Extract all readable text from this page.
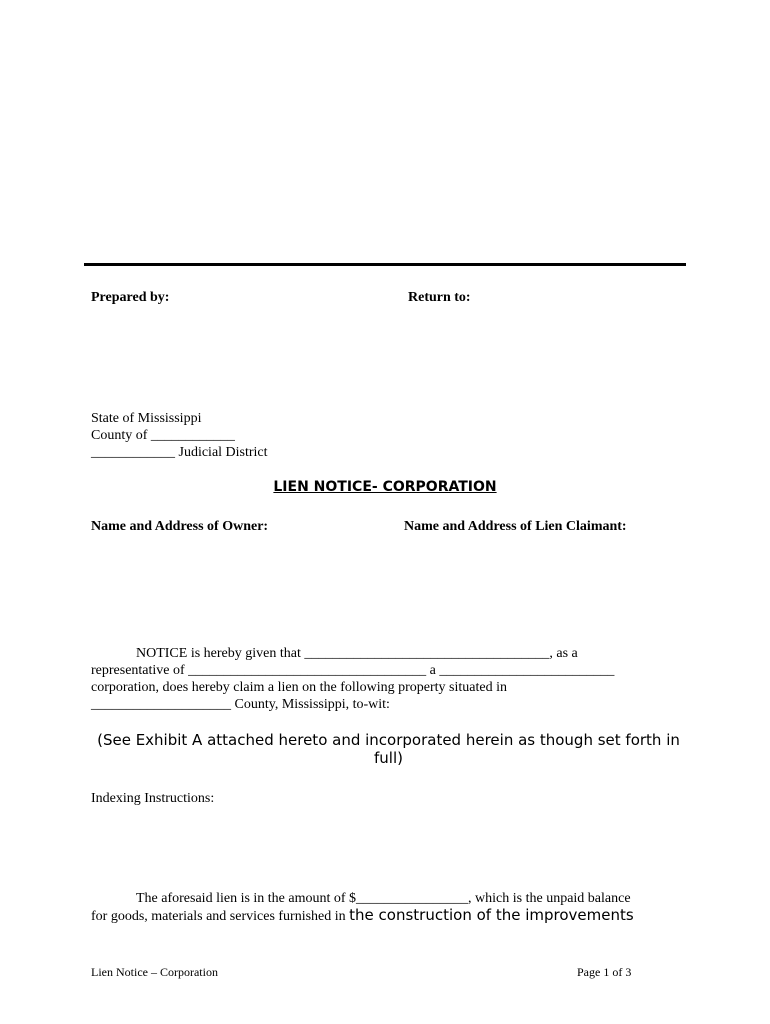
Prepared by:	Return to:
State of Mississippi
County of ____________
____________ Judicial District
LIEN NOTICE- CORPORATION
Name and Address of Owner:	Name and Address of Lien Claimant:
NOTICE is hereby given that ___________________________________, as a
representative of __________________________________ a _________________________
corporation, does hereby claim a lien on the following property situated in
____________________ County, Mississippi, to-wit:
(See Exhibit A attached hereto and incorporated herein as though set forth in full)
Indexing Instructions:
The aforesaid lien is in the amount of $________________, which is the unpaid balance
for goods, materials and services furnished in the construction of the improvements
Lien Notice – Corporation	Page 1 of 3
